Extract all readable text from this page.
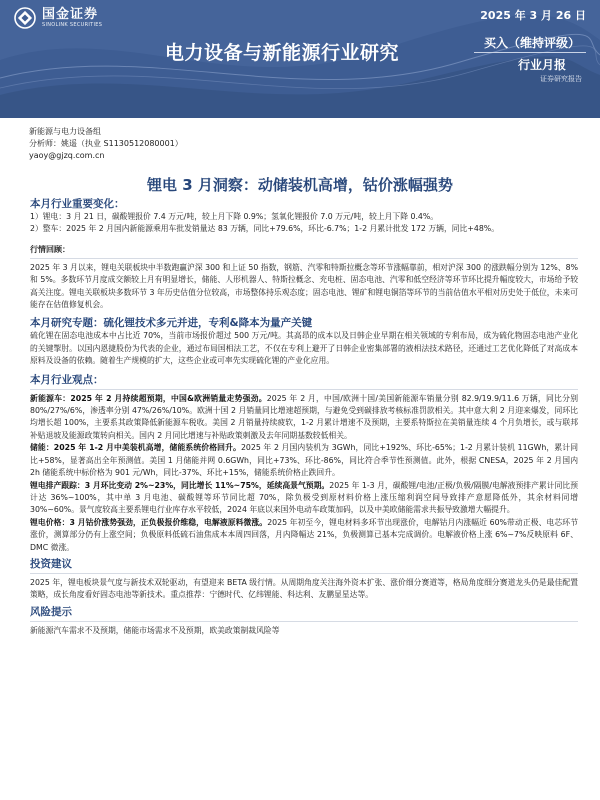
国金证券
SINOLINK SECURITIES
2025 年 3 月 26 日
电力设备与新能源行业研究	买入（维持评级）
行业月报
证券研究报告
新能源与电力设备组
分析师：姚遥（执业 S1130512080001）
yaoy@gjzq.com.cn
锂电 3 月洞察：动储装机高增，钴价涨幅强势
本月行业重要变化：
1）锂电：3 月 21 日，碳酸锂报价 7.4 万元/吨，较上月下降 0.9%；氢氧化锂报价 7.0 万元/吨，较上月下降 0.4%。
2）整车：2025 年 2 月国内新能源乘用车批发销量达 83 万辆，同比+79.6%，环比-6.7%；1-2 月累计批发 172 万辆，同比+48%。
行情回顾：
2025 年 3 月以来，锂电关联板块中半数跑赢沪深 300 和上证 50 指数，钢筋、汽零和特斯拉概念等环节涨幅靠前，相对沪深 300 的涨跌幅分别为 12%、8%和 5%。多数环节月度成交额较上月有明显增长，储能、人形机器人、特斯拉概念、充电桩、固态电池、汽零和低空经济等环节环比提升幅度较大，市场给予较高关注度。锂电关联板块多数环节 3 年历史估值分位较高，市场整体持乐观态度；固态电池、锂矿和锂电铜箔等环节的当前估值水平相对历史处于低位，未来可能存在估值修复机会。
本月研究专题：硫化锂技术多元并进，专利&降本为量产关键
硫化锂在固态电池成本中占比近 70%，当前市场报价超过 500 万元/吨。其高昂的成本以及日韩企业早期在相关领域的专利布局，成为硫化物固态电池产业化的关键掣肘。以国内恩捷股份为代表的企业，通过布局国相法工艺，不仅在专利上避开了日韩企业密集部署的液相法技术路径，还通过工艺优化降低了对高成本原料及设备的依赖。随着生产规模的扩大，这些企业或可率先实现硫化锂的产业化应用。
本月行业观点：
新能源车：2025 年 2 月持续超预期，中国&欧洲销量走势强劲。2025 年 2 月，中国/欧洲十国/美国新能源车销量分别 82.9/19.9/11.6 万辆，同比分别 80%/27%/6%，渗透率分别 47%/26%/10%。欧洲十国 2 月销量同比增速超预期，与避免受到碳排放考核标准罚款相关。其中意大利 2 月迎来爆发，同环比均增长超 100%，主要系其政策降低新能源车税收。美国 2 月销量持续疲软，1-2 月累计增速不及预期，主要系特斯拉在美销量连续 4 个月负增长，或与联邦补贴退坡及能源政策转向相关。国内 2 月同比增速与补贴政策刺激及去年同期基数较低相关。
储能：2025 年 1-2 月中美装机高增，储能系统价格回升。2025 年 2 月国内装机为 3GWh，同比+192%、环比-65%；1-2 月累计装机 11GWh，累计同比+58%，显著高出全年预测值。美国 1 月储能并网 0.6GWh，同比+73%、环比-86%，同比符合季节性预测值。此外，根据 CNESA，2025 年 2 月国内 2h 储能系统中标价格为 901 元/Wh，同比-37%、环比+15%，储能系统价格止跌回升。
锂电排产跟踪：3 月环比变动 2%~23%，同比增长 11%~75%，延续高景气预期。2025 年 1-3 月，碳酸锂/电池/正极/负极/隔膜/电解液预排产累计同比预计达 36%~100%，其中单 3 月电池、碳酸锂等环节同比超 70%，除负极受到原材料价格上涨压缩利润空间导致排产意愿降低外，其余材料同增 30%~60%。景气度较高主要系锂电行业库存水平较低，2024 年底以来国外电动车政策加码，以及中美欧储能需求共振导致激增大幅提升。
锂电价格：3 月钴价涨势强劲，正负极报价维稳，电解液原料微涨。2025 年初至今，锂电材料多环节出现涨价，电解钴月内涨幅近 60%带动正极、电芯环节涨价，测算部分仍有上涨空间；负极原料低硫石油焦成本本周四回落，月内降幅达 21%，负极测算已基本完成调价。电解液价格上涨 6%~7%反映原料 6F、DMC 微涨。
投资建议
2025 年，锂电板块景气度与新技术双轮驱动，有望迎来 BETA 级行情。从周期角度关注海外资本扩张、涨价细分赛道等，格局角度细分赛道龙头仍是最佳配置策略，成长角度看好固态电池等新技术。重点推荐：宁德时代、亿纬锂能、科达利、友鹏显星达等。
风险提示
新能源汽车需求不及预期，储能市场需求不及预期，欧美政策制裁风险等
